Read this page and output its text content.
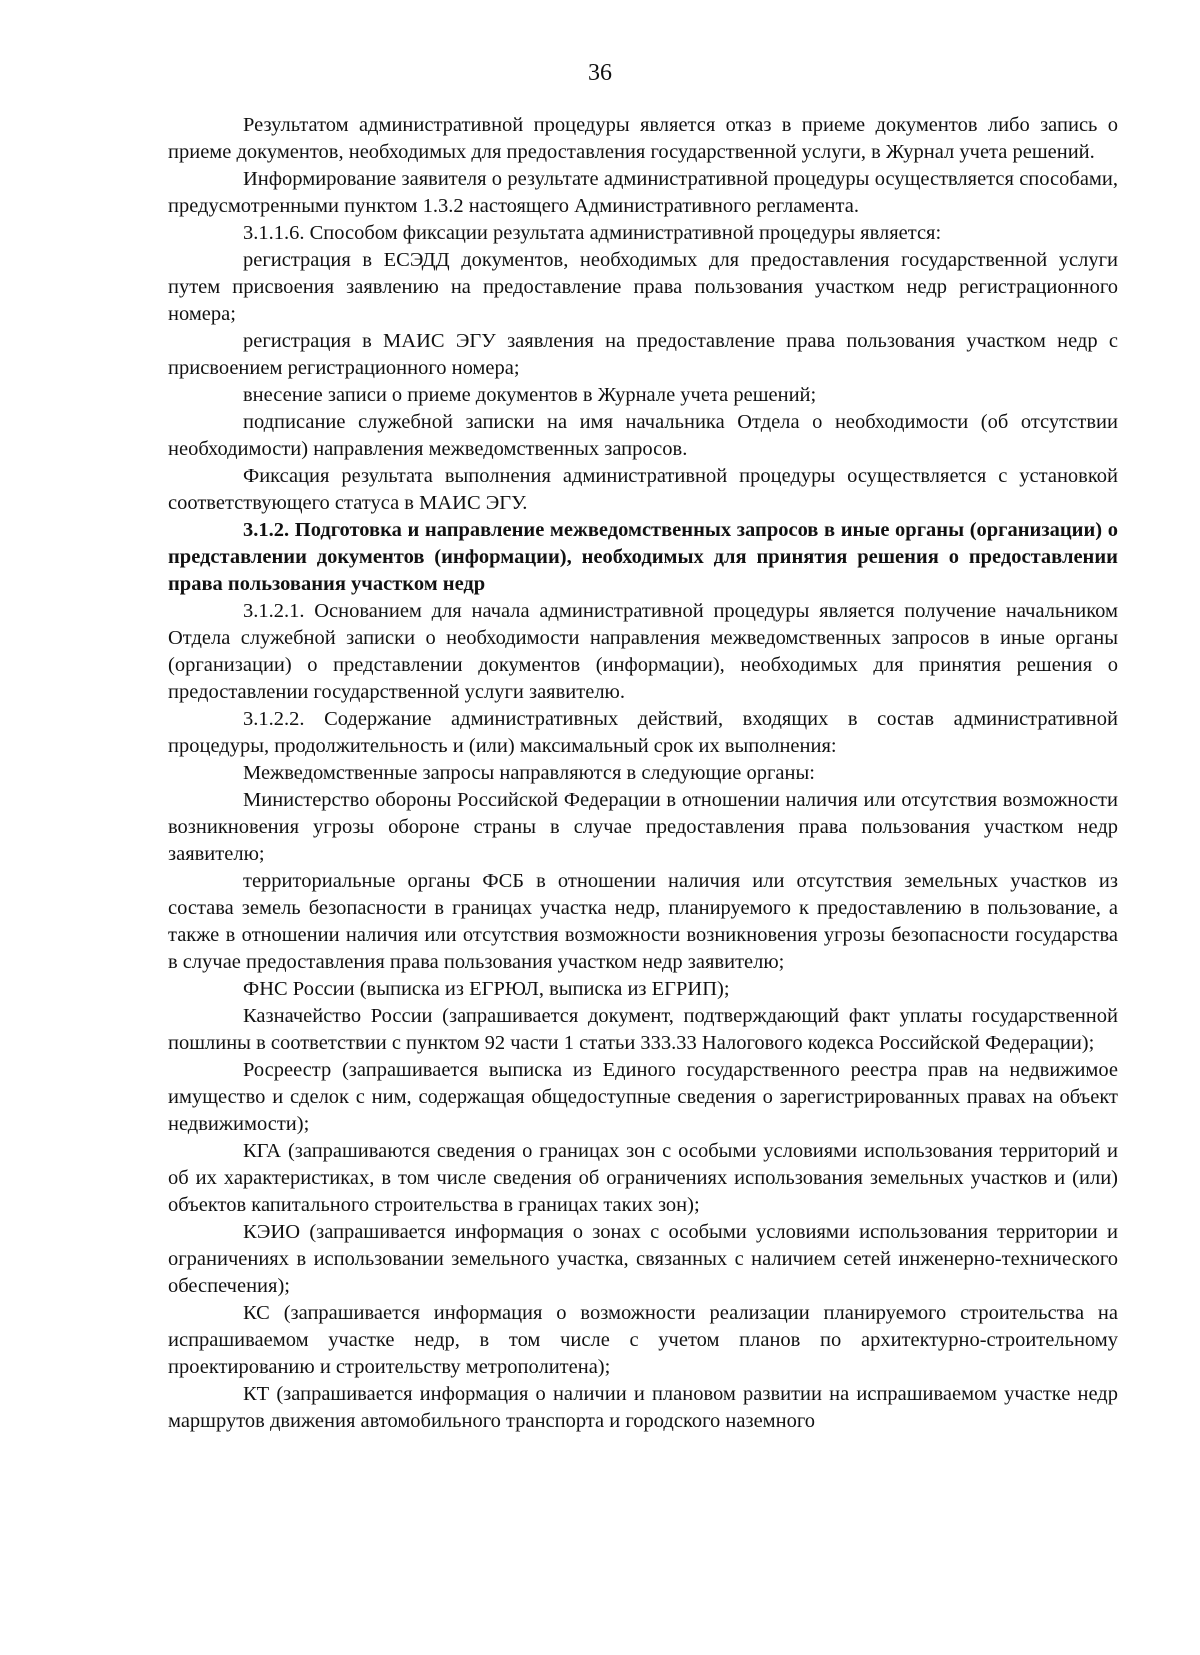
36

Результатом административной процедуры является отказ в приеме документов либо запись о приеме документов, необходимых для предоставления государственной услуги, в Журнал учета решений.

Информирование заявителя о результате административной процедуры осуществляется способами, предусмотренными пунктом 1.3.2 настоящего Административного регламента.

3.1.1.6. Способом фиксации результата административной процедуры является:

регистрация в ЕСЭДД документов, необходимых для предоставления государственной услуги путем присвоения заявлению на предоставление права пользования участком недр регистрационного номера;

регистрация в МАИС ЭГУ заявления на предоставление права пользования участком недр с присвоением регистрационного номера;

внесение записи о приеме документов в Журнале учета решений;

подписание служебной записки на имя начальника Отдела о необходимости (об отсутствии необходимости) направления межведомственных запросов.

Фиксация результата выполнения административной процедуры осуществляется с установкой соответствующего статуса в МАИС ЭГУ.

3.1.2. Подготовка и направление межведомственных запросов в иные органы (организации) о представлении документов (информации), необходимых для принятия решения о предоставлении права пользования участком недр

3.1.2.1. Основанием для начала административной процедуры является получение начальником Отдела служебной записки о необходимости направления межведомственных запросов в иные органы (организации) о представлении документов (информации), необходимых для принятия решения о предоставлении государственной услуги заявителю.

3.1.2.2. Содержание административных действий, входящих в состав административной процедуры, продолжительность и (или) максимальный срок их выполнения:

Межведомственные запросы направляются в следующие органы:

Министерство обороны Российской Федерации в отношении наличия или отсутствия возможности возникновения угрозы обороне страны в случае предоставления права пользования участком недр заявителю;

территориальные органы ФСБ в отношении наличия или отсутствия земельных участков из состава земель безопасности в границах участка недр, планируемого к предоставлению в пользование, а также в отношении наличия или отсутствия возможности возникновения угрозы безопасности государства в случае предоставления права пользования участком недр заявителю;

ФНС России (выписка из ЕГРЮЛ, выписка из ЕГРИП);

Казначейство России (запрашивается документ, подтверждающий факт уплаты государственной пошлины в соответствии с пунктом 92 части 1 статьи 333.33 Налогового кодекса Российской Федерации);

Росреестр (запрашивается выписка из Единого государственного реестра прав на недвижимое имущество и сделок с ним, содержащая общедоступные сведения о зарегистрированных правах на объект недвижимости);

КГА (запрашиваются сведения о границах зон с особыми условиями использования территорий и об их характеристиках, в том числе сведения об ограничениях использования земельных участков и (или) объектов капитального строительства в границах таких зон);

КЭИО (запрашивается информация о зонах с особыми условиями использования территории и ограничениях в использовании земельного участка, связанных с наличием сетей инженерно-технического обеспечения);

КС (запрашивается информация о возможности реализации планируемого строительства на испрашиваемом участке недр, в том числе с учетом планов по архитектурно-строительному проектированию и строительству метрополитена);

КТ (запрашивается информация о наличии и плановом развитии на испрашиваемом участке недр маршрутов движения автомобильного транспорта и городского наземного
